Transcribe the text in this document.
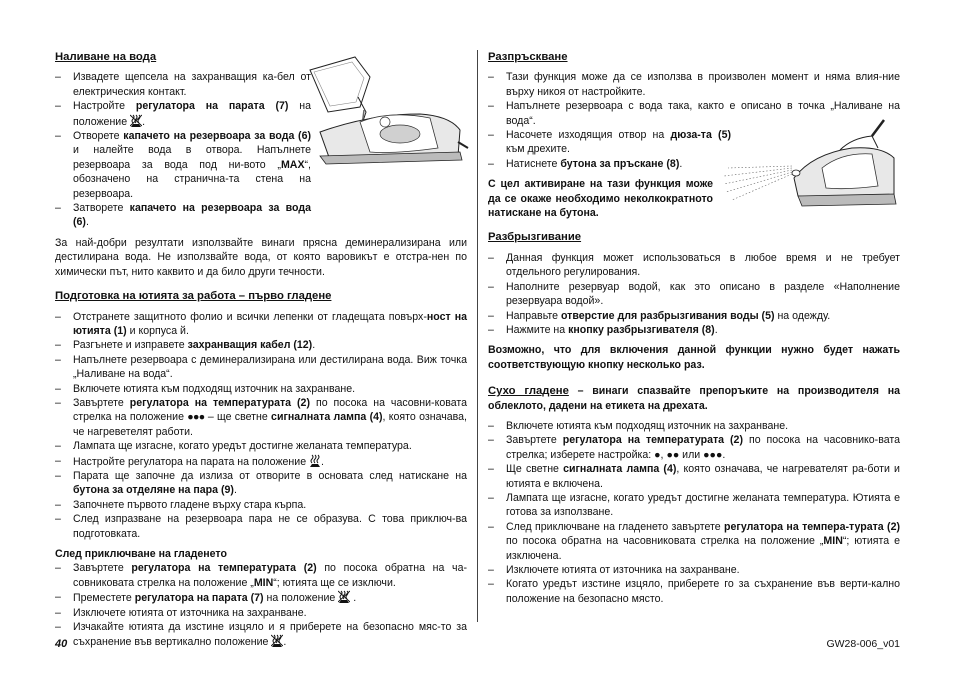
Наливане на вода
– Извадете щепсела на захранващия ка-бел от електрическия контакт.
– Настройте регулатора на парата (7) на положение .
– Отворете капачето на резервоара за вода (6) и налейте вода в отвора. Напълнете резервоара за вода под ни-вото „MAX“, обозначено на странична-та стена на резервоара.
– Затворете капачето на резервоара за вода (6).

За най-добри резултати използвайте винаги прясна деминерализирана или дестилирана вода. Не използвайте вода, от която варовикът е отстра-нен по химически път, нито каквито и да било други течности.

Подготовка на ютията за работа – първо гладене
– Отстранете защитното фолио и всички лепенки от гладещата повърх-ност на ютията (1) и корпуса й.
– Разгънете и изправете захранващия кабел (12).
– Напълнете резервоара с деминерализирана или дестилирана вода. Виж точка „Наливане на вода“.
– Включете ютията към подходящ източник на захранване.
– Завъртете регулатора на температурата (2) по посока на часовни-ковата стрелка на положение ●●● – ще светне сигналната лампа (4), която означава, че нагреветелят работи.
– Лампата ще изгасне, когато уредът достигне желаната температура.
– Настройте регулатора на парата на положение .
– Парата ще започне да излиза от отворите в основата след натискане на бутона за отделяне на пара (9).
– Започнете първото гладене върху стара кърпа.
– След изпразване на резервоара пара не се образува. С това приключ-ва подготовката.
След приключване на гладенето
– Завъртете регулатора на температурата (2) по посока обратна на ча-совниковата стрелка на положение „MIN“; ютията ще се изключи.
– Преместете регулатора на парата (7) на положение  .
– Изключете ютията от източника на захранване.
– Изчакайте ютията да изстине изцяло и я приберете на безопасно мяс-то за съхранение във вертикално положение .
Разпръскване
– Тази функция може да се използва в произволен момент и няма влия-ние върху никоя от настройките.
– Напълнете резервоара с вода така, както е описано в точка „Наливане на вода“.
– Насочете изходящия отвор на дюза-та (5) към дрехите.
– Натиснете бутона за пръскане (8).

С цел активиране на тази функция може да се окаже необходимо неколкократното натискане на бутона.

Разбрызгивание
– Данная функция может использоваться в любое время и не требует отдельного регулирования.
– Наполните резервуар водой, как это описано в разделе «Наполнение резервуара водой».
– Направьте отверстие для разбрызгивания воды (5) на одежду.
– Нажмите на кнопку разбрызгивателя (8).

Возможно, что для включения данной функции нужно будет нажать соответствующую кнопку несколько раз.

Сухо гладене – винаги спазвайте препоръките на производителя на облеклото, дадени на етикета на дрехата.

– Включете ютията към подходящ източник на захранване.
– Завъртете регулатора на температурата (2) по посока на часовнико-вата стрелка; изберете настройка: ●, ●● или ●●●.
– Ще светне сигналната лампа (4), която означава, че нагревателят ра-боти и ютията е включена.
– Лампата ще изгасне, когато уредът достигне желаната температура. Ютията е готова за използване.
– След приключване на гладенето завъртете регулатора на темпера-турата (2) по посока обратна на часовниковата стрелка на положение „MIN“; ютията е изключена.
– Изключете ютията от източника на захранване.
– Когато уредът изстине изцяло, приберете го за съхранение във верти-кално положение на безопасно място.
40	GW28-006_v01
